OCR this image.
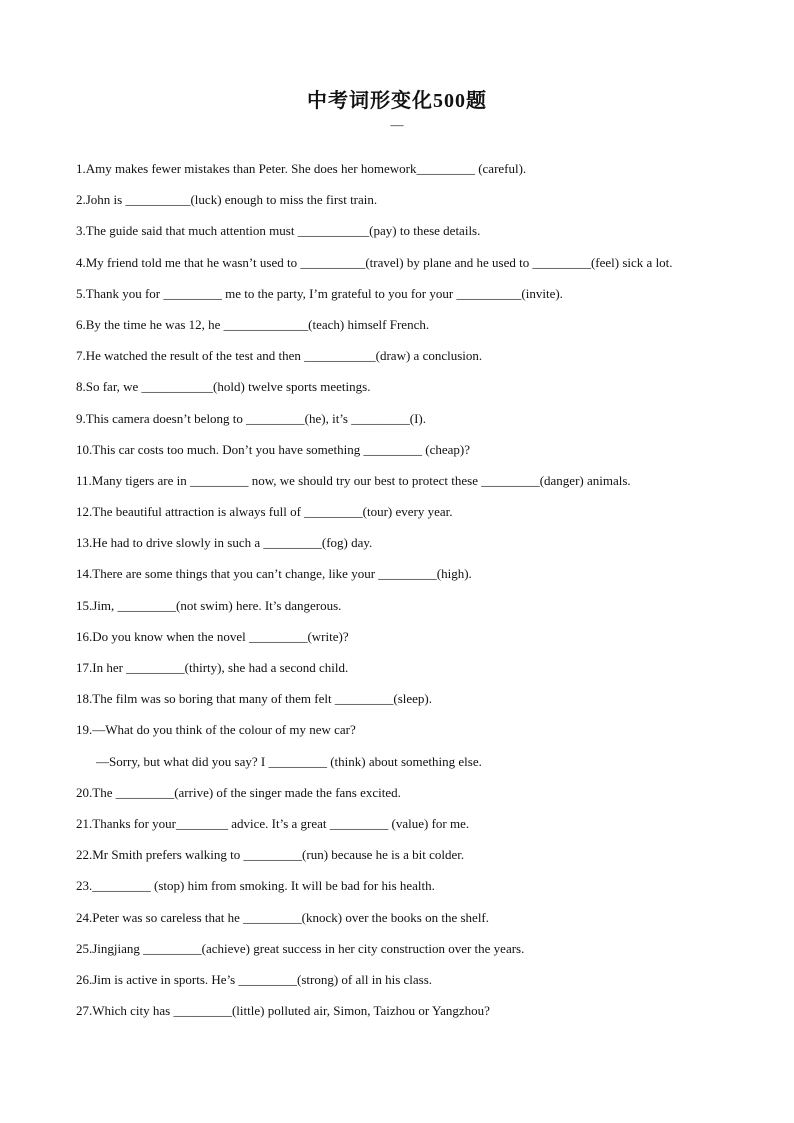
中考词形变化500题
—
1.Amy makes fewer mistakes than Peter. She does her homework_________ (careful).
2.John is __________(luck) enough to miss the first train.
3.The guide said that much attention must ___________(pay) to these details.
4.My friend told me that he wasn’t used to __________(travel) by plane and he used to _________(feel) sick a lot.
5.Thank you for _________ me to the party, I’m grateful to you for your __________(invite).
6.By the time he was 12, he _____________(teach) himself French.
7.He watched the result of the test and then ___________(draw) a conclusion.
8.So far, we ___________(hold) twelve sports meetings.
9.This camera doesn’t belong to _________(he), it’s _________(I).
10.This car costs too much. Don’t you have something _________ (cheap)?
11.Many tigers are in _________ now, we should try our best to protect these _________(danger) animals.
12.The beautiful attraction is always full of _________(tour) every year.
13.He had to drive slowly in such a _________(fog) day.
14.There are some things that you can’t change, like your _________(high).
15.Jim, _________(not swim) here. It’s dangerous.
16.Do you know when the novel _________(write)?
17.In her _________(thirty), she had a second child.
18.The film was so boring that many of them felt _________(sleep).
19.—What do you think of the colour of my new car?
—Sorry, but what did you say? I _________ (think) about something else.
20.The _________(arrive) of the singer made the fans excited.
21.Thanks for your________ advice. It’s a great _________ (value) for me.
22.Mr Smith prefers walking to _________(run) because he is a bit colder.
23._________ (stop) him from smoking. It will be bad for his health.
24.Peter was so careless that he _________(knock) over the books on the shelf.
25.Jingjiang _________(achieve) great success in her city construction over the years.
26.Jim is active in sports. He’s _________(strong) of all in his class.
27.Which city has _________(little) polluted air, Simon, Taizhou or Yangzhou?
